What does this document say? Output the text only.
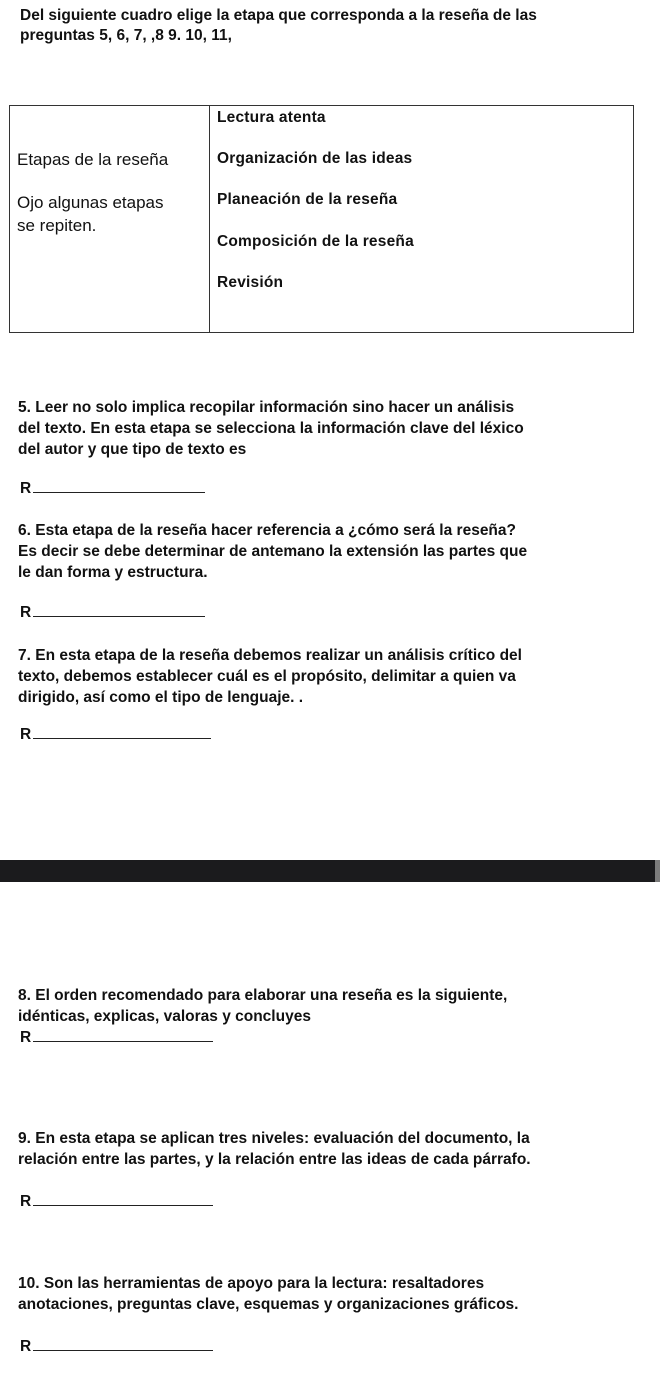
Del siguiente cuadro elige la etapa que corresponda a la reseña de las
preguntas 5, 6, 7, ,8 9. 10, 11,
Etapas de la reseña
Ojo algunas etapas
se repiten.
Lectura atenta
Organización de las ideas
Planeación de la reseña
Composición de la reseña
Revisión
5. Leer no solo implica recopilar información sino hacer un análisis
del texto. En esta etapa se selecciona la información clave del léxico
del autor y que tipo de texto es
R
6. Esta etapa de la reseña hacer referencia a ¿cómo será la reseña?
Es decir se debe determinar de antemano la extensión las partes que
le dan forma y estructura.
R
7. En esta etapa de la reseña debemos realizar un análisis crítico del
texto, debemos establecer cuál es el propósito, delimitar a quien va
dirigido, así como el tipo de lenguaje. .
R
8. El orden recomendado para elaborar una reseña es la siguiente,
idénticas, explicas, valoras y concluyes
R
9. En esta etapa se aplican tres niveles: evaluación del documento, la
relación entre las partes, y la relación entre las ideas de cada párrafo.
R
10. Son las herramientas de apoyo para la lectura: resaltadores
anotaciones, preguntas clave, esquemas y organizaciones gráficos.
R
